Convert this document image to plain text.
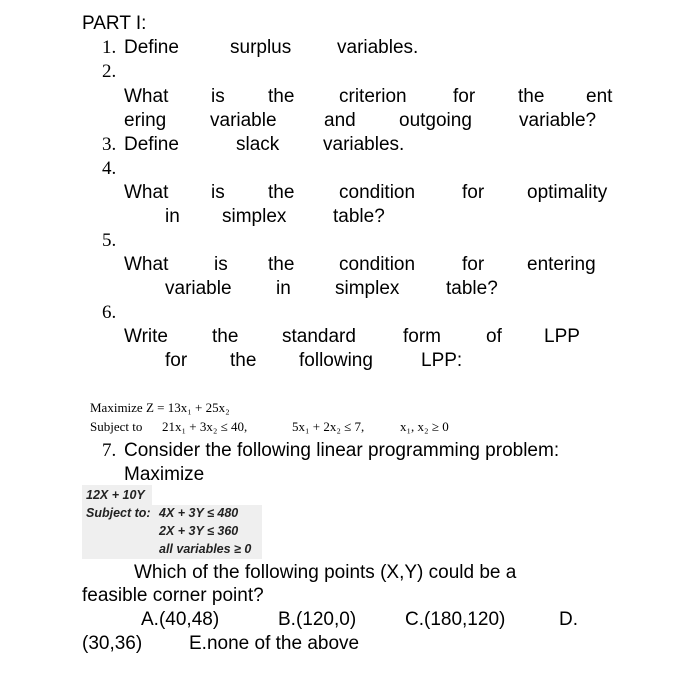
PART I:
1. Define	surplus variables.
2.
What is the criterion for the ent
ering variable and outgoing variable?
3. Define	slack variables.
4.
What is the condition for optimality
in simplex table?
5.
What is the condition for entering
variable in simplex table?
6.
Write the standard form of LPP
for the following	LPP:
Maximize Z = 13x₁ + 25x₂
Subject to 21x₁ + 3x₂ ≤ 40,	5x₁ + 2x₂ ≤ 7,	x₁, x₂ ≥ 0
7. Consider the following linear programming problem:
Maximize
12X + 10Y
Subject to: 4X + 3Y ≤ 480
2X + 3Y ≤ 360
all variables ≥ 0
Which of the following points (X,Y) could be a
feasible corner point?
A.(40,48)	B.(120,0)	C.(180,120)	D.
(30,36) E.none of the above
